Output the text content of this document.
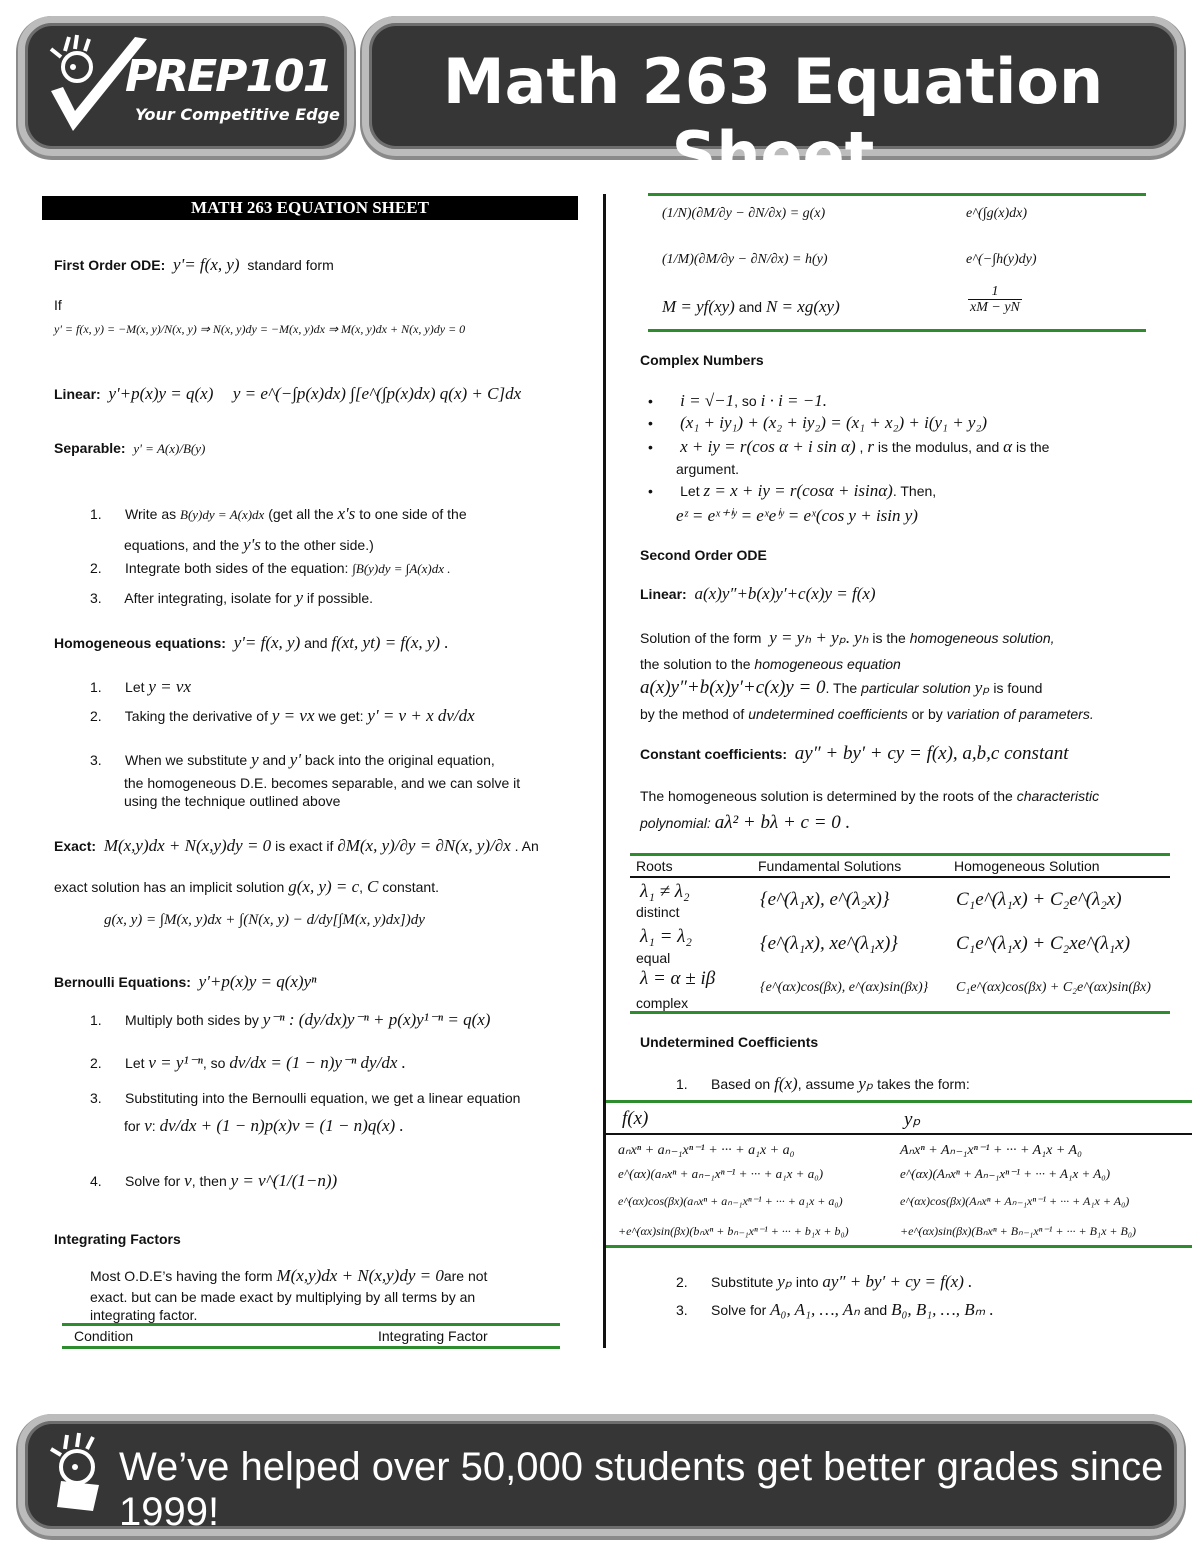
PREP101
Your Competitive Edge	Math 263 Equation Sheet
MATH 263 EQUATION SHEET
First Order ODE: y'= f(x, y) standard form
If
y' = f(x, y) = −M(x, y)/N(x, y) ⇒ N(x, y)dy = −M(x, y)dx ⇒ M(x, y)dx + N(x, y)dy = 0
Linear: y'+p(x)y = q(x) y = e^(−∫p(x)dx) ∫[e^(∫p(x)dx) q(x) + C]dx
Separable: y' = A(x)/B(y)
1. Write as B(y)dy = A(x)dx (get all the x's to one side of the
equations, and the y's to the other side.)
2. Integrate both sides of the equation: ∫B(y)dy = ∫A(x)dx .
3. After integrating, isolate for y if possible.
Homogeneous equations: y'= f(x, y) and f(xt, yt) = f(x, y) .
1. Let y = vx
2. Taking the derivative of y = vx we get: y' = v + x dv/dx
3. When we substitute y and y' back into the original equation,
the homogeneous D.E. becomes separable, and we can solve it
using the technique outlined above
Exact: M(x,y)dx + N(x,y)dy = 0 is exact if ∂M(x, y)/∂y = ∂N(x, y)/∂x . An
exact solution has an implicit solution g(x, y) = c, C constant.
g(x, y) = ∫M(x, y)dx + ∫(N(x, y) − d/dy[∫M(x, y)dx])dy
Bernoulli Equations: y'+p(x)y = q(x)yⁿ
1. Multiply both sides by y⁻ⁿ : (dy/dx)y⁻ⁿ + p(x)y¹⁻ⁿ = q(x)
2. Let v = y¹⁻ⁿ, so dv/dx = (1 − n)y⁻ⁿ dy/dx .
3. Substituting into the Bernoulli equation, we get a linear equation
for v: dv/dx + (1 − n)p(x)v = (1 − n)q(x) .
4. Solve for v, then y = v^(1/(1−n))
Integrating Factors
Most O.D.E’s having the form M(x,y)dx + N(x,y)dy = 0are not
exact. but can be made exact by multiplying by all terms by an
integrating factor.
Condition	Integrating Factor
(1/N)(∂M/∂y − ∂N/∂x) = g(x)	e^(∫g(x)dx)
(1/M)(∂M/∂y − ∂N/∂x) = h(y)	e^(−∫h(y)dy)
M = yf(xy) and N = xg(xy)	$\frac{1}{xM - yN}$
Complex Numbers
•       i = √−1, so i · i = −1.
•       (x₁ + iy₁) + (x₂ + iy₂) = (x₁ + x₂) + i(y₁ + y₂)
•       x + iy = r(cos α + i sin α) , r is the modulus, and α is the
argument.
•       Let z = x + iy = r(cosα + isinα). Then,
eᶻ = eˣ⁺ⁱʸ = eˣeⁱʸ = eˣ(cos y + isin y)
Second Order ODE
Linear: a(x)y″+b(x)y′+c(x)y = f(x)
Solution of the form y = yₕ + yₚ. yₕ is the homogeneous solution,
the solution to the homogeneous equation
a(x)y″+b(x)y′+c(x)y = 0. The particular solution yₚ is found
by the method of undetermined coefficients or by variation of parameters.
Constant coefficients: ay″ + by′ + cy = f(x), a,b,c constant
The homogeneous solution is determined by the roots of the characteristic
polynomial: aλ² + bλ + c = 0 .
Roots	Fundamental Solutions	Homogeneous Solution
λ₁ ≠ λ₂
distinct
{e^(λ₁x), e^(λ₂x)}	C₁e^(λ₁x) + C₂e^(λ₂x)
λ₁ = λ₂
equal
{e^(λ₁x), xe^(λ₁x)}	C₁e^(λ₁x) + C₂xe^(λ₁x)
λ = α ± iβ
complex
{e^(αx)cos(βx), e^(αx)sin(βx)} C₁e^(αx)cos(βx) + C₂e^(αx)sin(βx)
Undetermined Coefficients
1. Based on f(x), assume yₚ takes the form:
f(x)	yₚ
aₙxⁿ + aₙ₋₁xⁿ⁻¹ + ··· + a₁x + a₀	Aₙxⁿ + Aₙ₋₁xⁿ⁻¹ + ··· + A₁x + A₀
e^(αx)(aₙxⁿ + aₙ₋₁xⁿ⁻¹ + ··· + a₁x + a₀)	e^(αx)(Aₙxⁿ + Aₙ₋₁xⁿ⁻¹ + ··· + A₁x + A₀)
e^(αx)cos(βx)(aₙxⁿ + aₙ₋₁xⁿ⁻¹ + ··· + a₁x + a₀)	e^(αx)cos(βx)(Aₙxⁿ + Aₙ₋₁xⁿ⁻¹ + ··· + A₁x + A₀)
+e^(αx)sin(βx)(bₙxⁿ + bₙ₋₁xⁿ⁻¹ + ··· + b₁x + b₀)	+e^(αx)sin(βx)(Bₙxⁿ + Bₙ₋₁xⁿ⁻¹ + ··· + B₁x + B₀)
2. Substitute yₚ into ay″ + by′ + cy = f(x) .
3. Solve for A₀, A₁, …, Aₙ and B₀, B₁, …, Bₘ .
We’ve helped over 50,000 students get better grades since 1999!
